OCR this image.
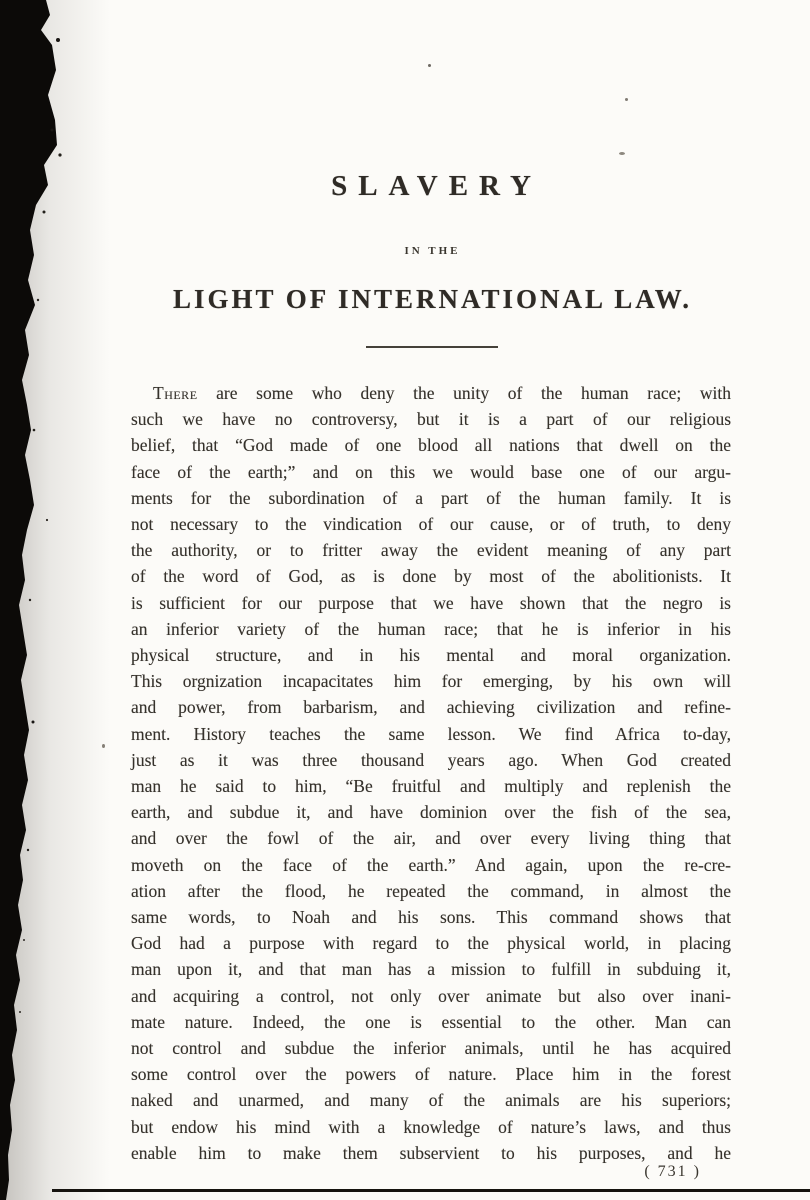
SLAVERY
IN THE
LIGHT OF INTERNATIONAL LAW.
There are some who deny the unity of the human race; with
such we have no controversy, but it is a part of our religious
belief, that “God made of one blood all nations that dwell on the
face of the earth;” and on this we would base one of our argu-
ments for the subordination of a part of the human family. It is
not necessary to the vindication of our cause, or of truth, to deny
the authority, or to fritter away the evident meaning of any part
of the word of God, as is done by most of the abolitionists. It
is sufficient for our purpose that we have shown that the negro is
an inferior variety of the human race; that he is inferior in his
physical structure, and in his mental and moral organization.
This orgnization incapacitates him for emerging, by his own will
and power, from barbarism, and achieving civilization and refine-
ment. History teaches the same lesson. We find Africa to-day,
just as it was three thousand years ago. When God created
man he said to him, “Be fruitful and multiply and replenish the
earth, and subdue it, and have dominion over the fish of the sea,
and over the fowl of the air, and over every living thing that
moveth on the face of the earth.” And again, upon the re-cre-
ation after the flood, he repeated the command, in almost the
same words, to Noah and his sons. This command shows that
God had a purpose with regard to the physical world, in placing
man upon it, and that man has a mission to fulfill in subduing it,
and acquiring a control, not only over animate but also over inani-
mate nature. Indeed, the one is essential to the other. Man can
not control and subdue the inferior animals, until he has acquired
some control over the powers of nature. Place him in the forest
naked and unarmed, and many of the animals are his superiors;
but endow his mind with a knowledge of nature’s laws, and thus
enable him to make them subservient to his purposes, and he
( 731 )
